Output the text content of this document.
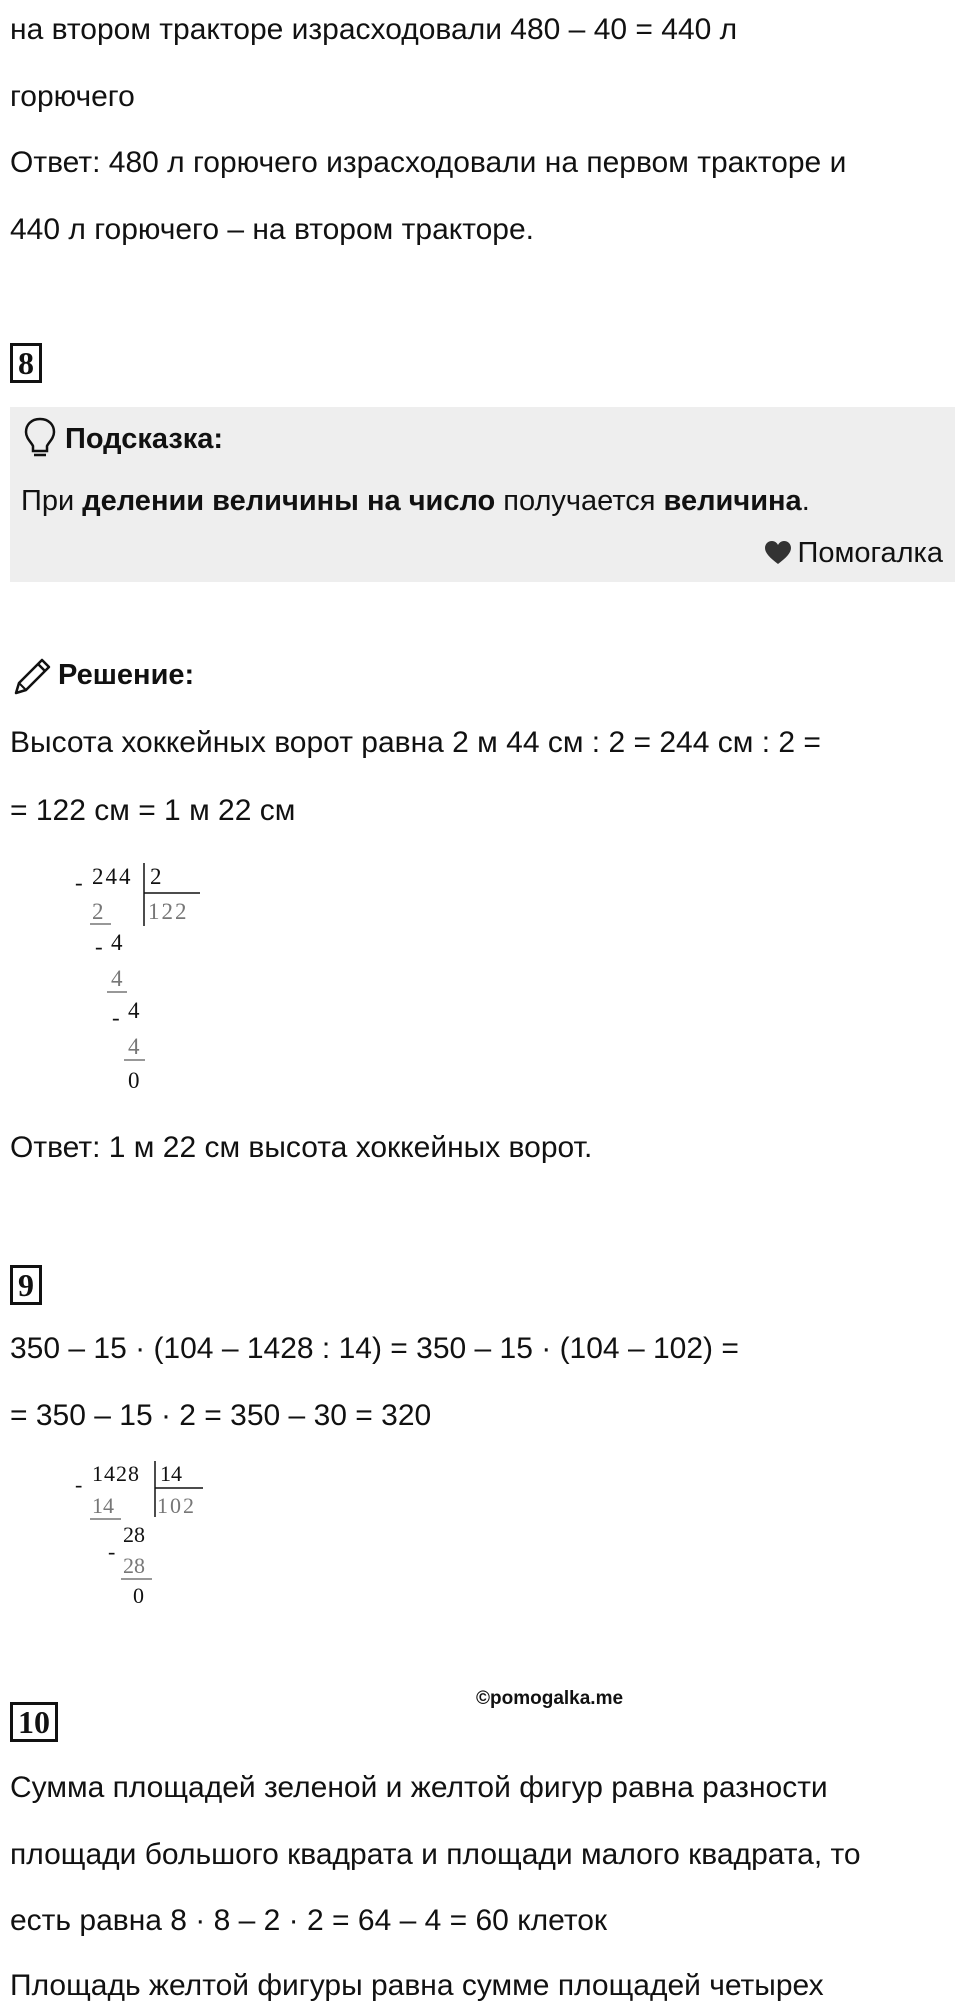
на втором тракторе израсходовали 480 – 40 = 440 л
горючего
Ответ: 480 л горючего израсходовали на первом тракторе и
440 л горючего – на втором тракторе.
8
Подсказка:
При делении величины на число получается величина.
Помогалка
Решение:
Высота хоккейных ворот равна 2 м 44 см : 2 = 244 см : 2 =
= 122 см = 1 м 22 см
- 244 2
122
2
- 4
4
- 4
4
0
Ответ: 1 м 22 см высота хоккейных ворот.
9
350 – 15 · (104 – 1428 : 14) = 350 – 15 · (104 – 102) =
= 350 – 15 · 2 = 350 – 30 = 320
- 1428 14
102
14
-
28
28
0
©pomogalka.me
10
Сумма площадей зеленой и желтой фигур равна разности
площади большого квадрата и площади малого квадрата, то
есть равна 8 · 8 – 2 · 2 = 64 – 4 = 60 клеток
Площадь желтой фигуры равна сумме площадей четырех
